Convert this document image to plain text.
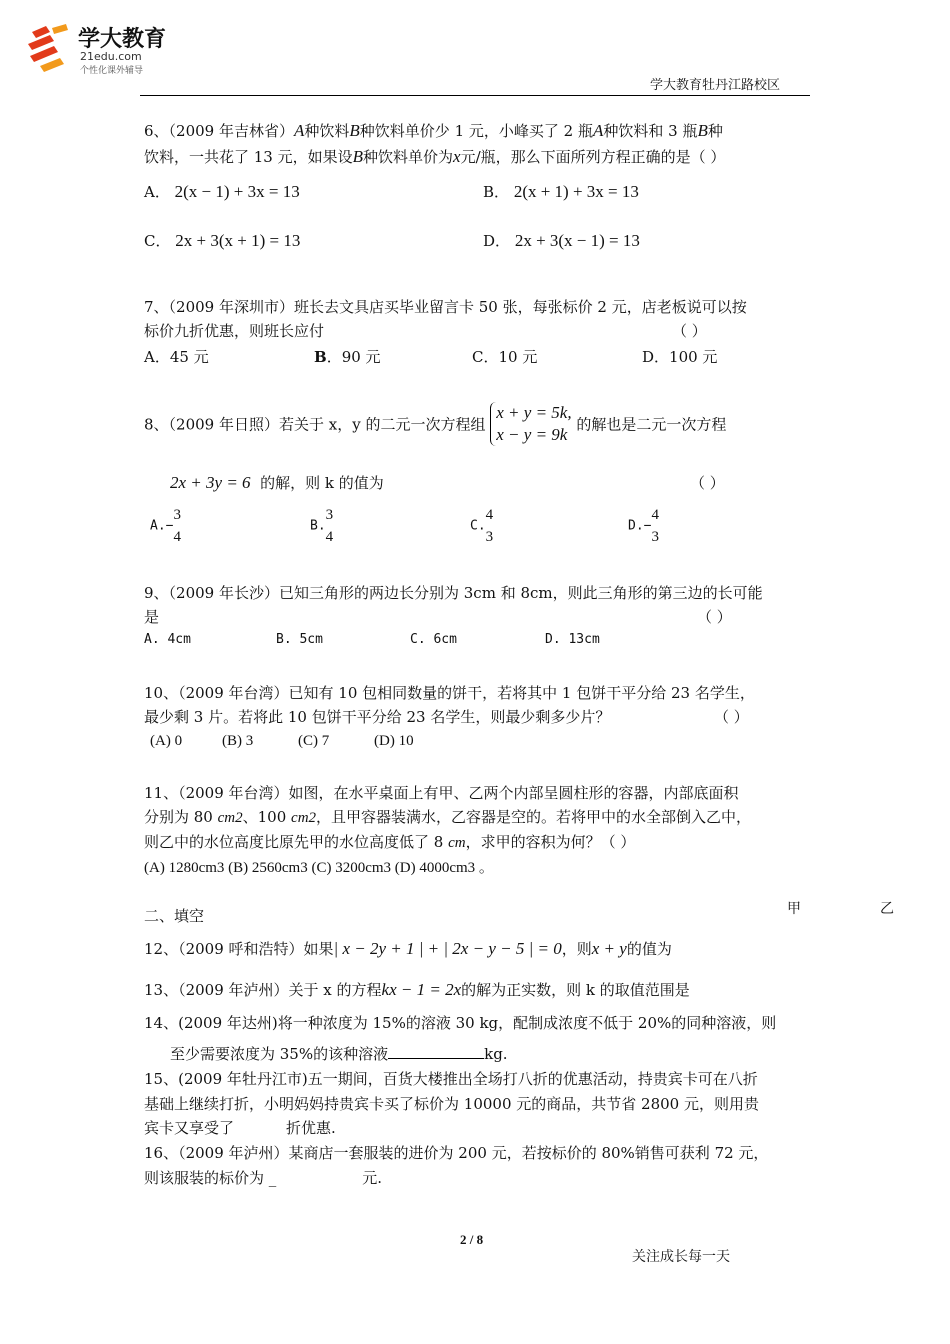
学大教育
21edu.com
个性化课外辅导
学大教育牡丹江路校区
6、（2009 年吉林省）A种饮料B种饮料单价少 1 元，小峰买了 2 瓶A种饮料和 3 瓶B种
饮料，一共花了 13 元，如果设B种饮料单价为x元/瓶，那么下面所列方程正确的是（ ）
A． 2(x − 1) + 3x = 13	B． 2(x + 1) + 3x = 13
C． 2x + 3(x + 1) = 13	D． 2x + 3(x − 1) = 13
7、（2009 年深圳市）班长去文具店买毕业留言卡 50 张，每张标价 2 元，店老板说可以按
标价九折优惠，则班长应付	（ ）
A．45 元	B．90 元	C．10 元	D．100 元
8、（2009 年日照）若关于 x，y 的二元一次方程组
x + y = 5k,
x − y = 9k
的解也是二元一次方程
2x + 3y = 6 的解，则 k 的值为	（ ）
A.−
3
4
B.
3
4
C.
4
3
D.−
4
3
9、（2009 年长沙）已知三角形的两边长分别为 3cm 和 8cm，则此三角形的第三边的长可能
是	（ ）
A. 4cm	B. 5cm	C. 6cm	D. 13cm
10、（2009 年台湾）已知有 10 包相同数量的饼干，若将其中 1 包饼干平分给 23 名学生，
最少剩 3 片。若将此 10 包饼干平分给 23 名学生，则最少剩多少片？	（ ）
(A) 0	(B) 3	(C) 7	(D) 10
11、（2009 年台湾）如图，在水平桌面上有甲、乙两个内部呈圆柱形的容器，内部底面积
分别为 80 cm2、100 cm2，且甲容器装满水，乙容器是空的。若将甲中的水全部倒入乙中，
则乙中的水位高度比原先甲的水位高度低了 8 cm，求甲的容积为何？（ ）
(A) 1280cm3 (B) 2560cm3 (C) 3200cm3 (D) 4000cm3 。
二、填空	甲	乙
12、（2009 呼和浩特）如果| x − 2y + 1 | + | 2x − y − 5 | = 0，则x + y的值为
13、（2009 年泸州）关于 x 的方程kx − 1 = 2x的解为正实数，则 k 的取值范围是
14、(2009 年达州)将一种浓度为 15%的溶液 30 kg，配制成浓度不低于 20%的同种溶液，则
至少需要浓度为 35%的该种溶液	kg.
15、(2009 年牡丹江市)五一期间，百货大楼推出全场打八折的优惠活动，持贵宾卡可在八折
基础上继续打折，小明妈妈持贵宾卡买了标价为 10000 元的商品，共节省 2800 元，则用贵
宾卡又享受了	折优惠.
16、（2009 年泸州）某商店一套服装的进价为 200 元，若按标价的 80%销售可获利 72 元，
则该服装的标价为 _	元.
2 / 8
关注成长每一天
